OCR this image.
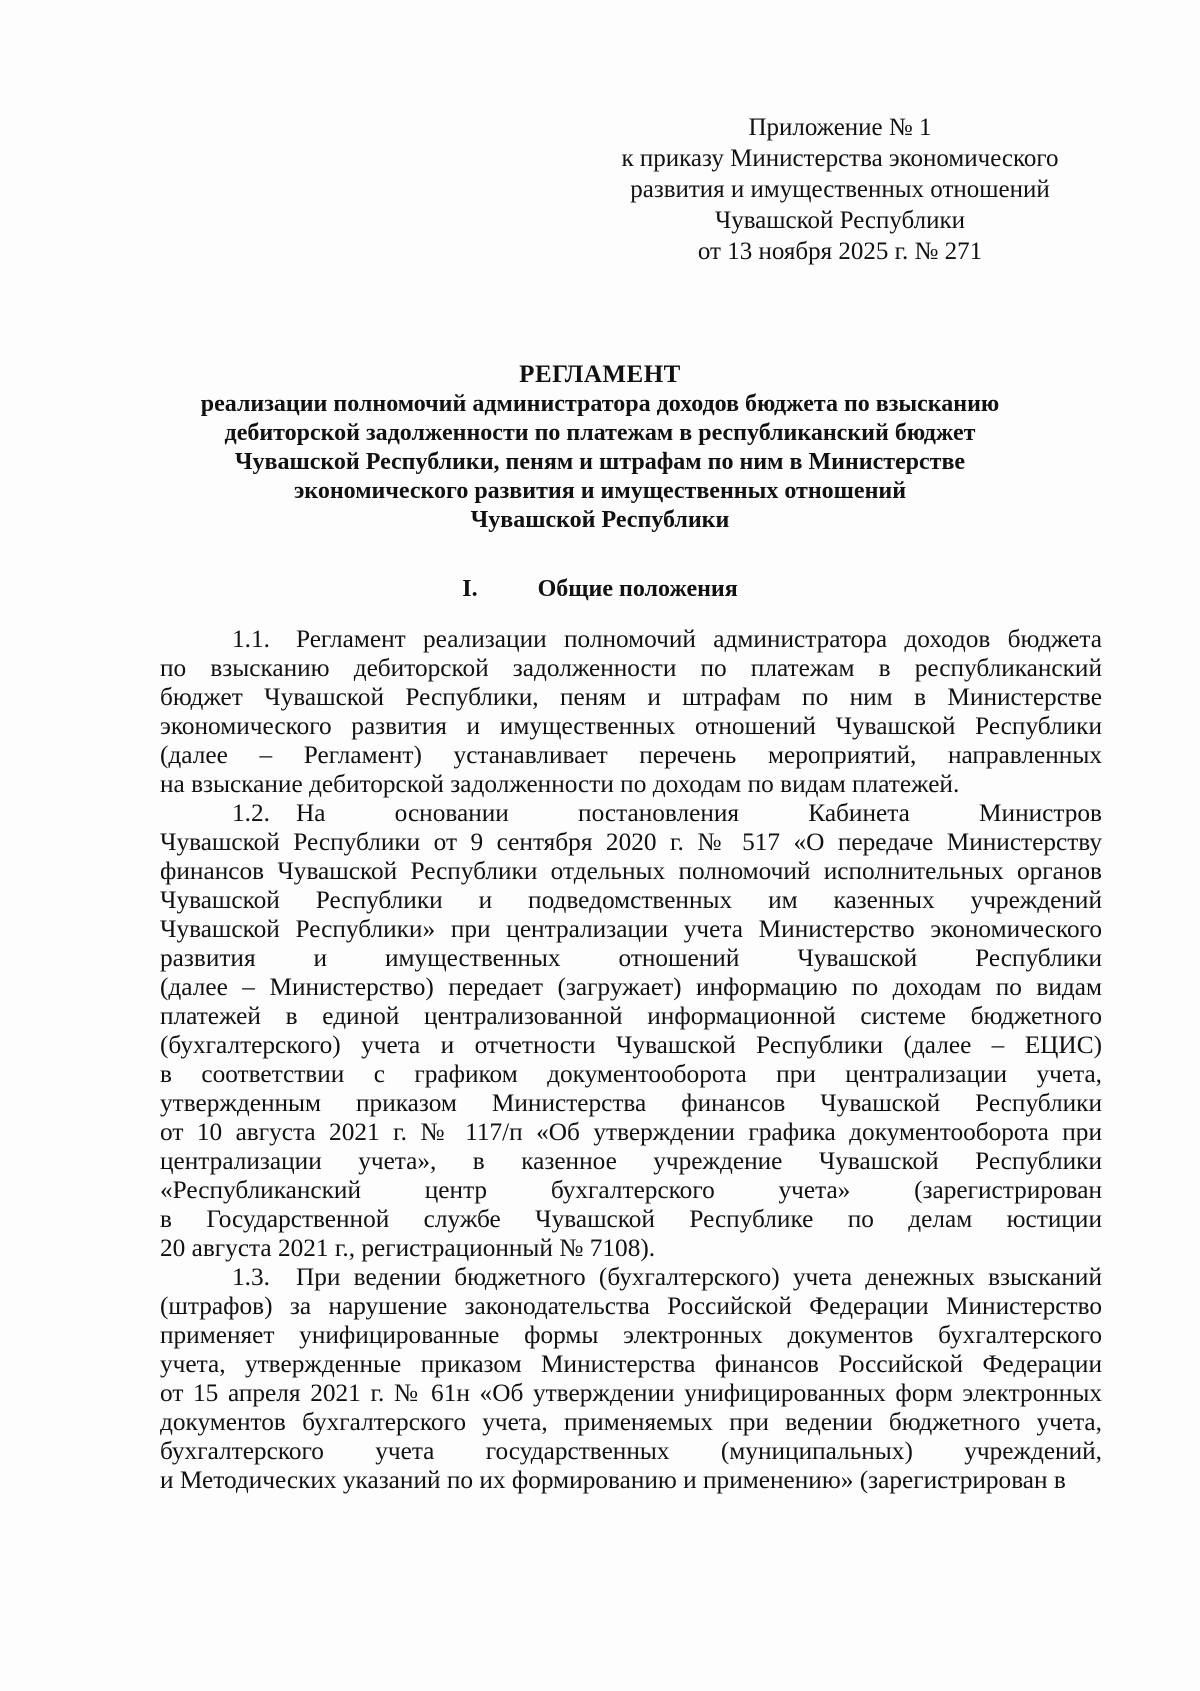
Приложение № 1
к приказу Министерства экономического
развития и имущественных отношений
Чувашской Республики
от 13 ноября 2025 г. № 271
РЕГЛАМЕНТ
реализации полномочий администратора доходов бюджета по взысканию
дебиторской задолженности по платежам в республиканский бюджет
Чувашской Республики, пеням и штрафам по ним в Министерстве
экономического развития и имущественных отношений
Чувашской Республики
I.	Общие положения
1.1. Регламент реализации полномочий администратора доходов бюджета
по взысканию дебиторской задолженности по платежам в республиканский
бюджет Чувашской Республики, пеням и штрафам по ним в Министерстве
экономического развития и имущественных отношений Чувашской Республики
(далее – Регламент) устанавливает перечень мероприятий, направленных
на взыскание дебиторской задолженности по доходам по видам платежей.
1.2. На основании постановления Кабинета Министров
Чувашской Республики от 9 сентября 2020 г. № 517 «О передаче Министерству
финансов Чувашской Республики отдельных полномочий исполнительных органов
Чувашской Республики и подведомственных им казенных учреждений
Чувашской Республики» при централизации учета Министерство экономического
развития и имущественных отношений Чувашской Республики
(далее – Министерство) передает (загружает) информацию по доходам по видам
платежей в единой централизованной информационной системе бюджетного
(бухгалтерского) учета и отчетности Чувашской Республики (далее – ЕЦИС)
в соответствии с графиком документооборота при централизации учета,
утвержденным приказом Министерства финансов Чувашской Республики
от 10 августа 2021 г. № 117/п «Об утверждении графика документооборота при
централизации учета», в казенное учреждение Чувашской Республики
«Республиканский центр бухгалтерского учета» (зарегистрирован
в Государственной службе Чувашской Республике по делам юстиции
20 августа 2021 г., регистрационный № 7108).
1.3. При ведении бюджетного (бухгалтерского) учета денежных взысканий
(штрафов) за нарушение законодательства Российской Федерации Министерство
применяет унифицированные формы электронных документов бухгалтерского
учета, утвержденные приказом Министерства финансов Российской Федерации
от 15 апреля 2021 г. № 61н «Об утверждении унифицированных форм электронных
документов бухгалтерского учета, применяемых при ведении бюджетного учета,
бухгалтерского учета государственных (муниципальных) учреждений,
и Методических указаний по их формированию и применению» (зарегистрирован в
